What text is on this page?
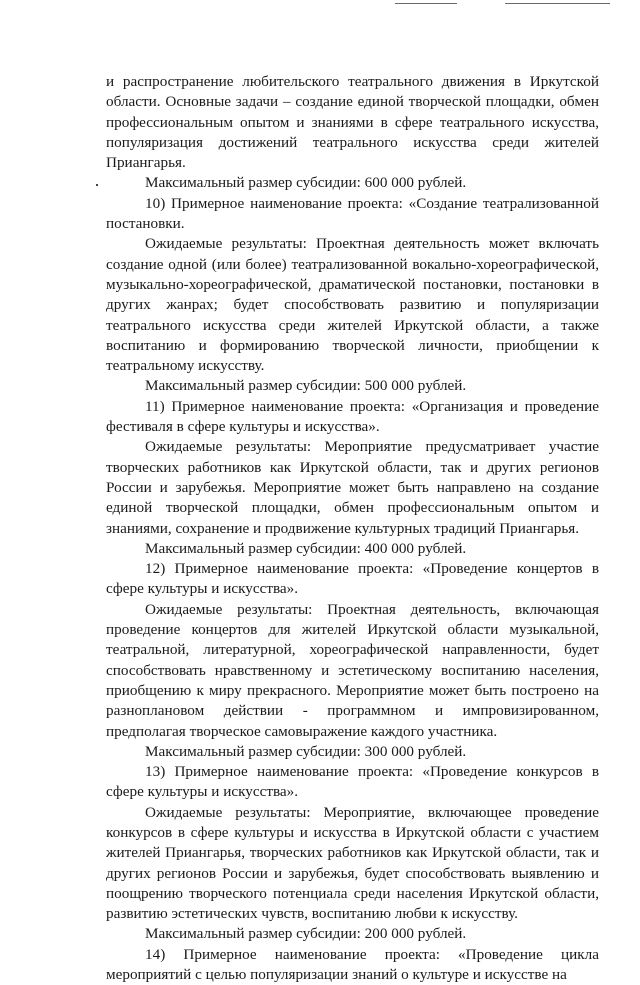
и распространение любительского театрального движения в Иркутской области. Основные задачи – создание единой творческой площадки, обмен профессиональным опытом и знаниями в сфере театрального искусства, популяризация достижений театрального искусства среди жителей Приангарья.

Максимальный размер субсидии: 600 000 рублей.

10) Примерное наименование проекта: «Создание театрализованной постановки.

Ожидаемые результаты: Проектная деятельность может включать создание одной (или более) театрализованной вокально-хореографической, музыкально-хореографической, драматической постановки, постановки в других жанрах; будет способствовать развитию и популяризации театрального искусства среди жителей Иркутской области, а также воспитанию и формированию творческой личности, приобщении к театральному искусству.

Максимальный размер субсидии: 500 000 рублей.

11) Примерное наименование проекта: «Организация и проведение фестиваля в сфере культуры и искусства».

Ожидаемые результаты: Мероприятие предусматривает участие творческих работников как Иркутской области, так и других регионов России и зарубежья. Мероприятие может быть направлено на создание единой творческой площадки, обмен профессиональным опытом и знаниями, сохранение и продвижение культурных традиций Приангарья.

Максимальный размер субсидии: 400 000 рублей.

12) Примерное наименование проекта: «Проведение концертов в сфере культуры и искусства».

Ожидаемые результаты: Проектная деятельность, включающая проведение концертов для жителей Иркутской области музыкальной, театральной, литературной, хореографической направленности, будет способствовать нравственному и эстетическому воспитанию населения, приобщению к миру прекрасного. Мероприятие может быть построено на разноплановом действии - программном и импровизированном, предполагая творческое самовыражение каждого участника.

Максимальный размер субсидии: 300 000 рублей.

13) Примерное наименование проекта: «Проведение конкурсов в сфере культуры и искусства».

Ожидаемые результаты: Мероприятие, включающее проведение конкурсов в сфере культуры и искусства в Иркутской области с участием жителей Приангарья, творческих работников как Иркутской области, так и других регионов России и зарубежья, будет способствовать выявлению и поощрению творческого потенциала среди населения Иркутской области, развитию эстетических чувств, воспитанию любви к искусству.

Максимальный размер субсидии: 200 000 рублей.

14) Примерное наименование проекта: «Проведение цикла мероприятий с целью популяризации знаний о культуре и искусстве на
